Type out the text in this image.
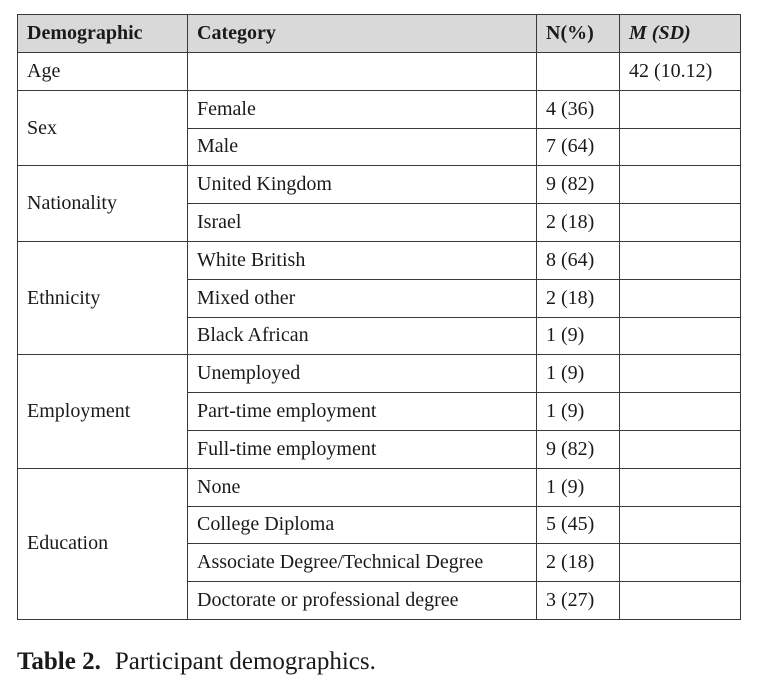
Demographic	Category	N(%)	M (SD)
Age			42 (10.12)
Sex	Female	4 (36)	
	Male	7 (64)	
Nationality	United Kingdom	9 (82)	
	Israel	2 (18)	
Ethnicity	White British	8 (64)	
	Mixed other	2 (18)	
	Black African	1 (9)	
Employment	Unemployed	1 (9)	
	Part-time employment	1 (9)	
	Full-time employment	9 (82)	
Education	None	1 (9)	
	College Diploma	5 (45)	
	Associate Degree/Technical Degree	2 (18)	
	Doctorate or professional degree	3 (27)	
Table 2. Participant demographics.
